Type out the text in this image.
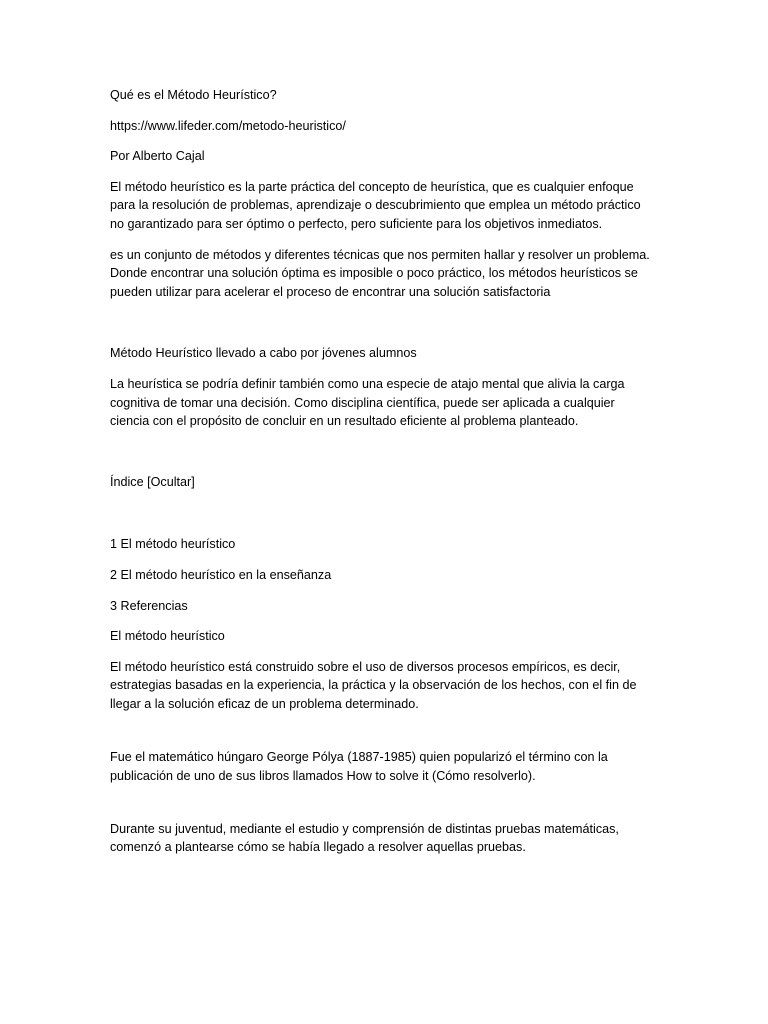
Qué es el Método Heurístico?

https://www.lifeder.com/metodo-heuristico/

Por Alberto Cajal

El método heurístico es la parte práctica del concepto de heurística, que es cualquier enfoque para la resolución de problemas, aprendizaje o descubrimiento que emplea un método práctico no garantizado para ser óptimo o perfecto, pero suficiente para los objetivos inmediatos.

es un conjunto de métodos y diferentes técnicas que nos permiten hallar y resolver un problema. Donde encontrar una solución óptima es imposible o poco práctico, los métodos heurísticos se pueden utilizar para acelerar el proceso de encontrar una solución satisfactoria

Método Heurístico llevado a cabo por jóvenes alumnos

La heurística se podría definir también como una especie de atajo mental que alivia la carga cognitiva de tomar una decisión. Como disciplina científica, puede ser aplicada a cualquier ciencia con el propósito de concluir en un resultado eficiente al problema planteado.

Índice [Ocultar]

1 El método heurístico

2 El método heurístico en la enseñanza

3 Referencias

El método heurístico

El método heurístico está construido sobre el uso de diversos procesos empíricos, es decir, estrategias basadas en la experiencia, la práctica y la observación de los hechos, con el fin de llegar a la solución eficaz de un problema determinado.

Fue el matemático húngaro George Pólya (1887-1985) quien popularizó el término con la publicación de uno de sus libros llamados How to solve it (Cómo resolverlo).

Durante su juventud, mediante el estudio y comprensión de distintas pruebas matemáticas, comenzó a plantearse cómo se había llegado a resolver aquellas pruebas.
